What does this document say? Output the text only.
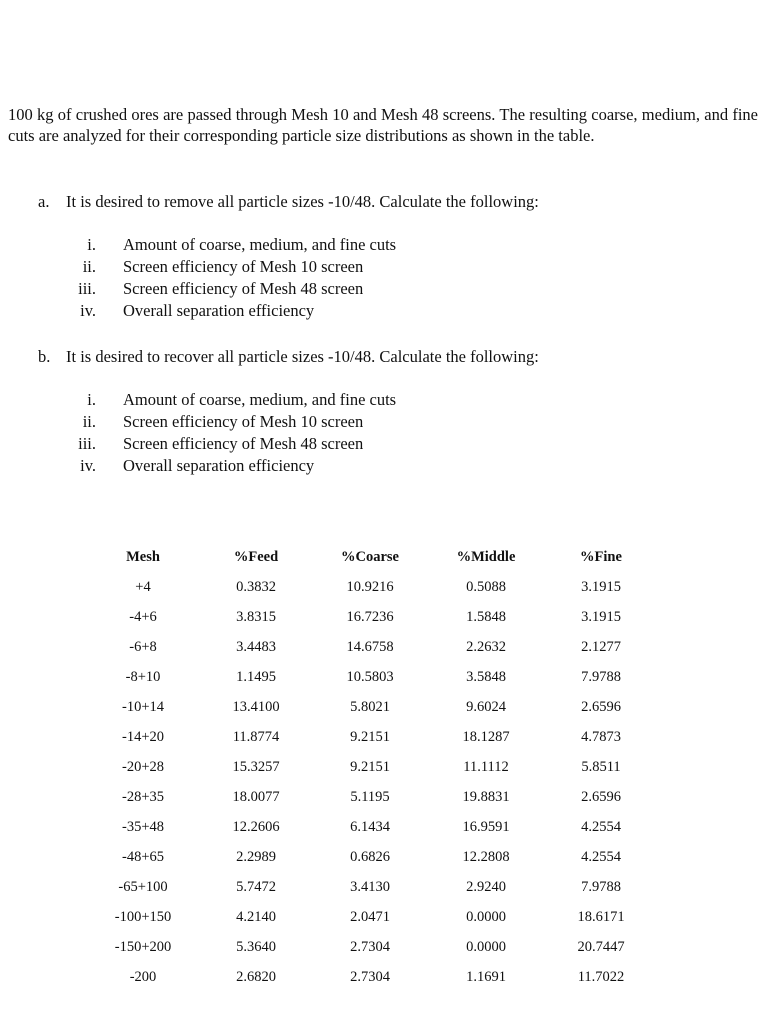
100 kg of crushed ores are passed through Mesh 10 and Mesh 48 screens. The resulting coarse, medium, and fine cuts are analyzed for their corresponding particle size distributions as shown in the table.

a. It is desired to remove all particle sizes -10/48. Calculate the following:

i. Amount of coarse, medium, and fine cuts
ii. Screen efficiency of Mesh 10 screen
iii. Screen efficiency of Mesh 48 screen
iv. Overall separation efficiency

b. It is desired to recover all particle sizes -10/48. Calculate the following:

i. Amount of coarse, medium, and fine cuts
ii. Screen efficiency of Mesh 10 screen
iii. Screen efficiency of Mesh 48 screen
iv. Overall separation efficiency
Mesh	%Feed	%Coarse	%Middle	%Fine
+4	0.3832	10.9216	0.5088	3.1915
-4+6	3.8315	16.7236	1.5848	3.1915
-6+8	3.4483	14.6758	2.2632	2.1277
-8+10	1.1495	10.5803	3.5848	7.9788
-10+14	13.4100	5.8021	9.6024	2.6596
-14+20	11.8774	9.2151	18.1287	4.7873
-20+28	15.3257	9.2151	11.1112	5.8511
-28+35	18.0077	5.1195	19.8831	2.6596
-35+48	12.2606	6.1434	16.9591	4.2554
-48+65	2.2989	0.6826	12.2808	4.2554
-65+100	5.7472	3.4130	2.9240	7.9788
-100+150	4.2140	2.0471	0.0000	18.6171
-150+200	5.3640	2.7304	0.0000	20.7447
-200	2.6820	2.7304	1.1691	11.7022
